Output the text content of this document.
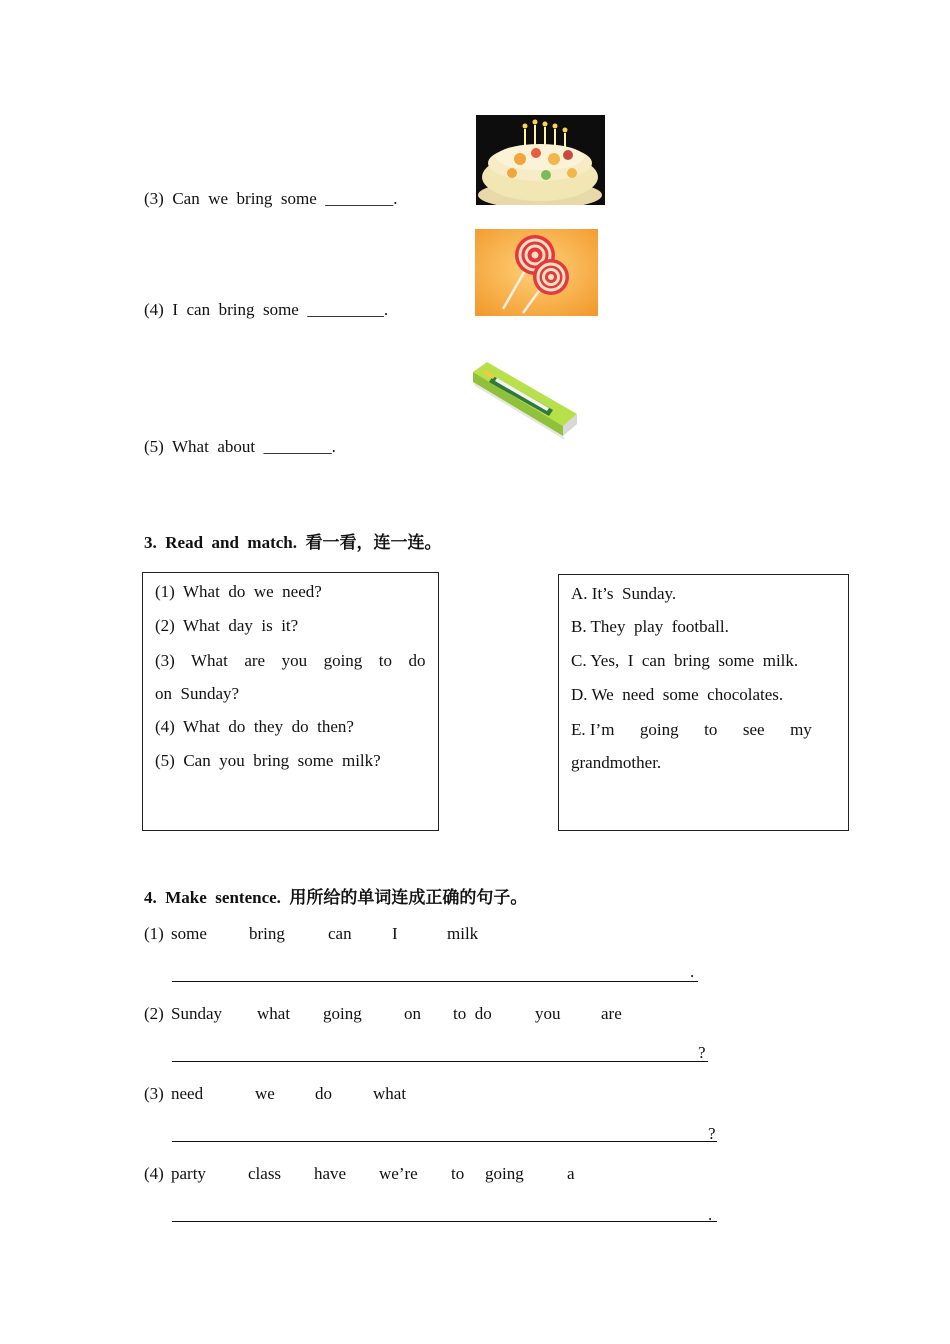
(3)  Can  we  bring  some  ________.
(4)  I  can  bring  some  _________.
(5)  What  about  ________.
3.  Read  and  match.  看一看，连一连。
(1)  What  do  we  need?
(2)  What  day  is  it?
(3)  What  are  you  going  to  do
on  Sunday?
(4)  What  do  they  do  then?
(5)  Can  you  bring  some  milk?
A. It’s  Sunday.
B. They  play  football.
C. Yes,  I  can  bring  some  milk.
D. We  need  some  chocolates.
E. I’m      going      to      see      my
grandmother.
4.  Make  sentence.  用所给的单词连成正确的句子。
(1) some bring	can I	milk
.
(2) Sunday what going on to  do	you are
?
(3) need	we do what
?
(4) party class have we’re to going	a
.
